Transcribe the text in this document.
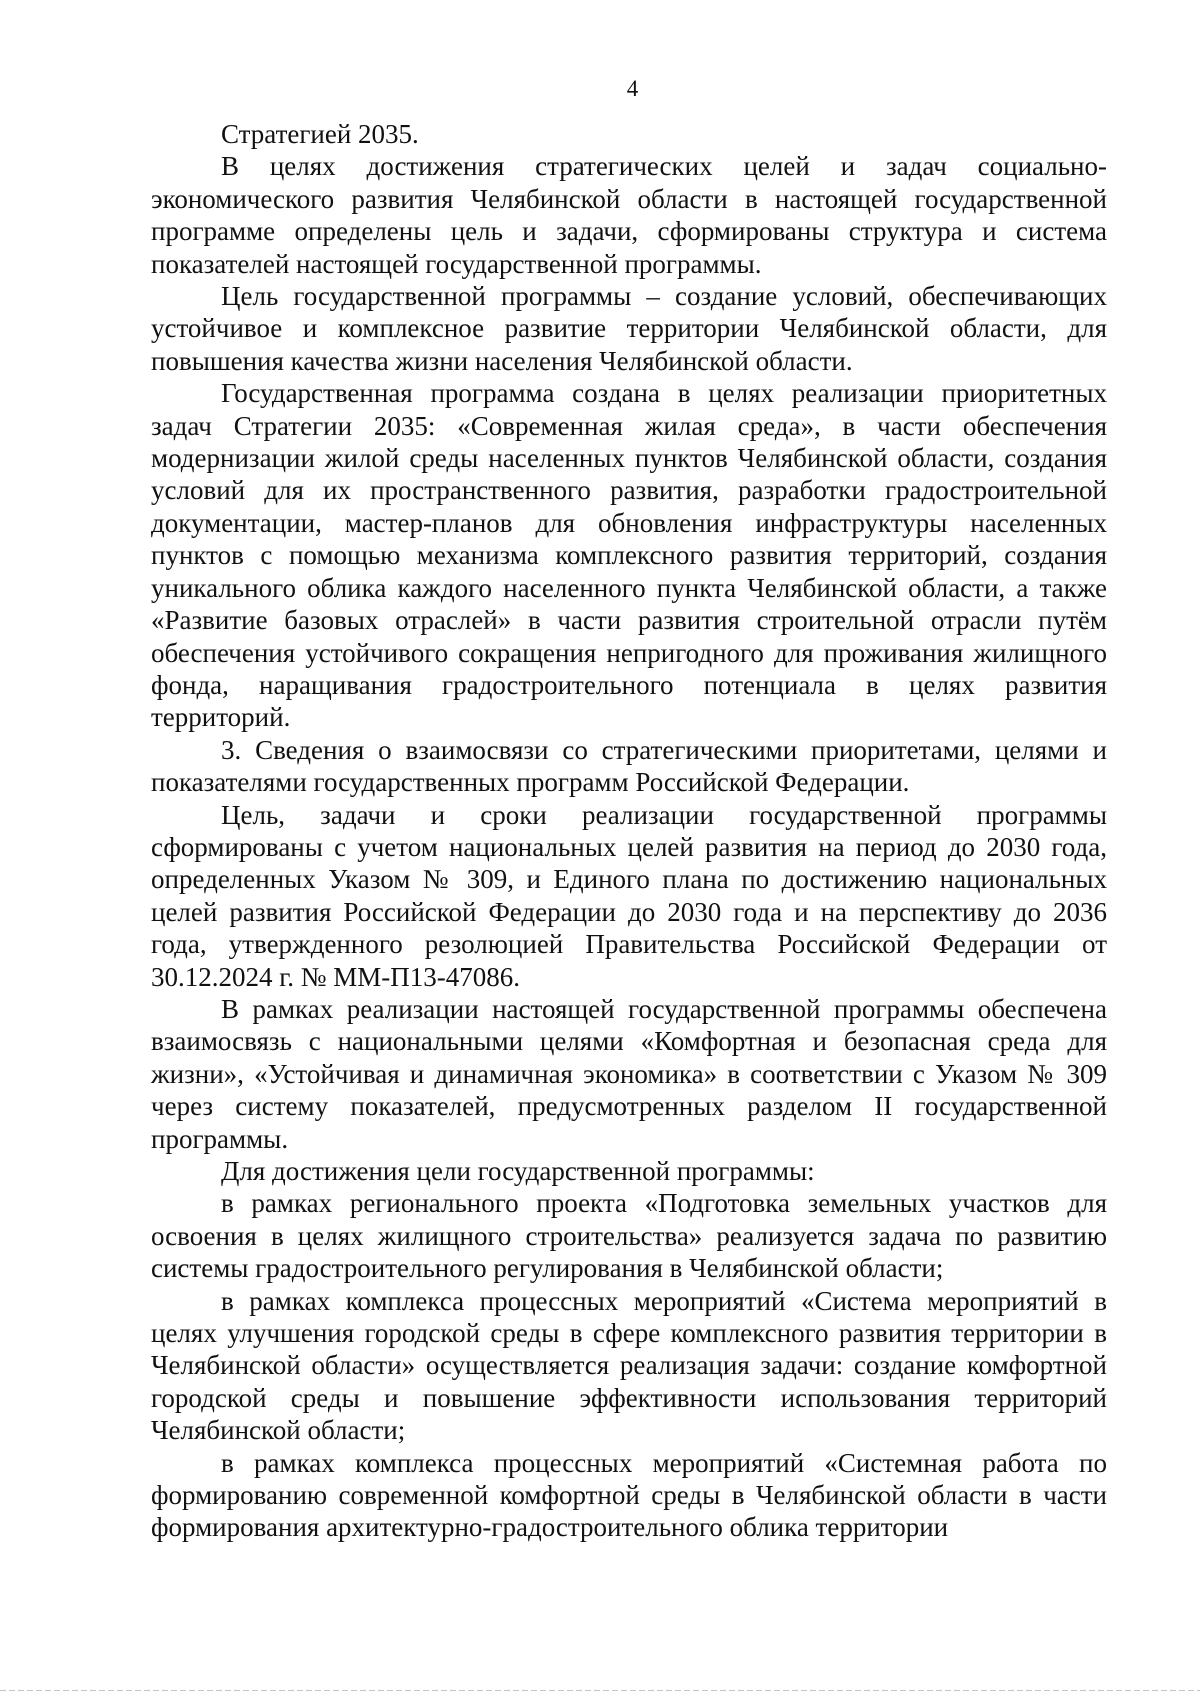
4

Стратегией 2035.

В целях достижения стратегических целей и задач социально-экономического развития Челябинской области в настоящей государственной программе определены цель и задачи, сформированы структура и система показателей настоящей государственной программы.

Цель государственной программы – создание условий, обеспечивающих устойчивое и комплексное развитие территории Челябинской области, для повышения качества жизни населения Челябинской области.

Государственная программа создана в целях реализации приоритетных задач Стратегии 2035: «Современная жилая среда», в части обеспечения модернизации жилой среды населенных пунктов Челябинской области, создания условий для их пространственного развития, разработки градостроительной документации, мастер-планов для обновления инфраструктуры населенных пунктов с помощью механизма комплексного развития территорий, создания уникального облика каждого населенного пункта Челябинской области, а также «Развитие базовых отраслей» в части развития строительной отрасли путём обеспечения устойчивого сокращения непригодного для проживания жилищного фонда, наращивания градостроительного потенциала в целях развития территорий.

3. Сведения о взаимосвязи со стратегическими приоритетами, целями и показателями государственных программ Российской Федерации.

Цель, задачи и сроки реализации государственной программы сформированы с учетом национальных целей развития на период до 2030 года, определенных Указом № 309, и Единого плана по достижению национальных целей развития Российской Федерации до 2030 года и на перспективу до 2036 года, утвержденного резолюцией Правительства Российской Федерации от 30.12.2024 г. № ММ-П13-47086.

В рамках реализации настоящей государственной программы обеспечена взаимосвязь с национальными целями «Комфортная и безопасная среда для жизни», «Устойчивая и динамичная экономика» в соответствии с Указом № 309 через систему показателей, предусмотренных разделом II государственной программы.

Для достижения цели государственной программы:

в рамках регионального проекта «Подготовка земельных участков для освоения в целях жилищного строительства» реализуется задача по развитию системы градостроительного регулирования в Челябинской области;

в рамках комплекса процессных мероприятий «Система мероприятий в целях улучшения городской среды в сфере комплексного развития территории в Челябинской области» осуществляется реализация задачи: создание комфортной городской среды и повышение эффективности использования территорий Челябинской области;

в рамках комплекса процессных мероприятий «Системная работа по формированию современной комфортной среды в Челябинской области в части формирования архитектурно-градостроительного облика территории
